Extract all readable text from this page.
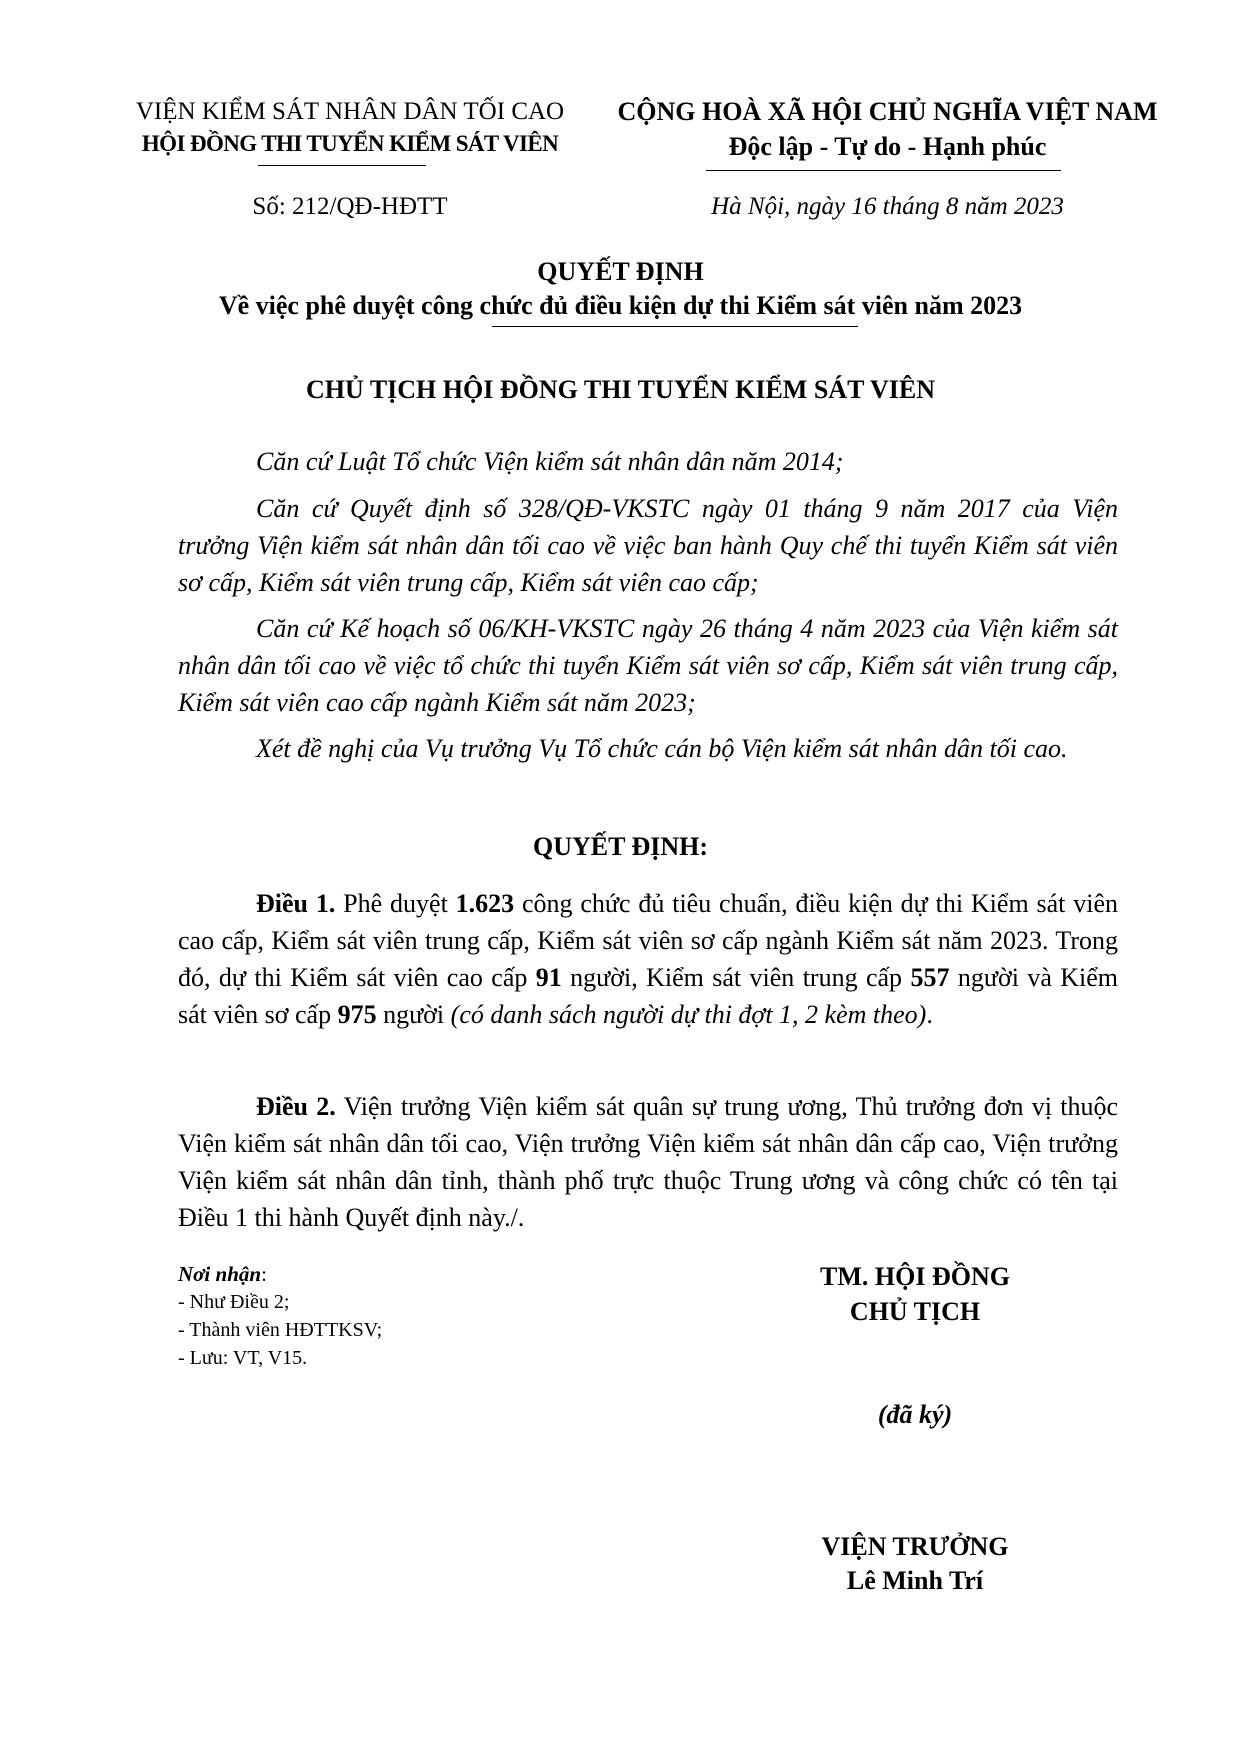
VIỆN KIỂM SÁT NHÂN DÂN TỐI CAO
HỘI ĐỒNG THI TUYỂN KIỂM SÁT VIÊN
CỘNG HOÀ XÃ HỘI CHỦ NGHĨA VIỆT NAM
Độc lập - Tự do - Hạnh phúc
Số: 212/QĐ-HĐTT	Hà Nội, ngày 16 tháng 8 năm 2023
QUYẾT ĐỊNH
Về việc phê duyệt công chức đủ điều kiện dự thi Kiểm sát viên năm 2023
CHỦ TỊCH HỘI ĐỒNG THI TUYỂN KIỂM SÁT VIÊN
Căn cứ Luật Tổ chức Viện kiểm sát nhân dân năm 2014;
Căn cứ Quyết định số 328/QĐ-VKSTC ngày 01 tháng 9 năm 2017 của Viện trưởng Viện kiểm sát nhân dân tối cao về việc ban hành Quy chế thi tuyển Kiểm sát viên sơ cấp, Kiểm sát viên trung cấp, Kiểm sát viên cao cấp;
Căn cứ Kế hoạch số 06/KH-VKSTC ngày 26 tháng 4 năm 2023 của Viện kiểm sát nhân dân tối cao về việc tổ chức thi tuyển Kiểm sát viên sơ cấp, Kiểm sát viên trung cấp, Kiểm sát viên cao cấp ngành Kiểm sát năm 2023;
Xét đề nghị của Vụ trưởng Vụ Tổ chức cán bộ Viện kiểm sát nhân dân tối cao.
QUYẾT ĐỊNH:
Điều 1. Phê duyệt 1.623 công chức đủ tiêu chuẩn, điều kiện dự thi Kiểm sát viên cao cấp, Kiểm sát viên trung cấp, Kiểm sát viên sơ cấp ngành Kiểm sát năm 2023. Trong đó, dự thi Kiểm sát viên cao cấp 91 người, Kiểm sát viên trung cấp 557 người và Kiểm sát viên sơ cấp 975 người (có danh sách người dự thi đợt 1, 2 kèm theo).
Điều 2. Viện trưởng Viện kiểm sát quân sự trung ương, Thủ trưởng đơn vị thuộc Viện kiểm sát nhân dân tối cao, Viện trưởng Viện kiểm sát nhân dân cấp cao, Viện trưởng Viện kiểm sát nhân dân tỉnh, thành phố trực thuộc Trung ương và công chức có tên tại Điều 1 thi hành Quyết định này./.
Nơi nhận:
- Như Điều 2;
- Thành viên HĐTTKSV;
- Lưu: VT, V15.
TM. HỘI ĐỒNG
CHỦ TỊCH
(đã ký)
VIỆN TRƯỞNG
Lê Minh Trí
